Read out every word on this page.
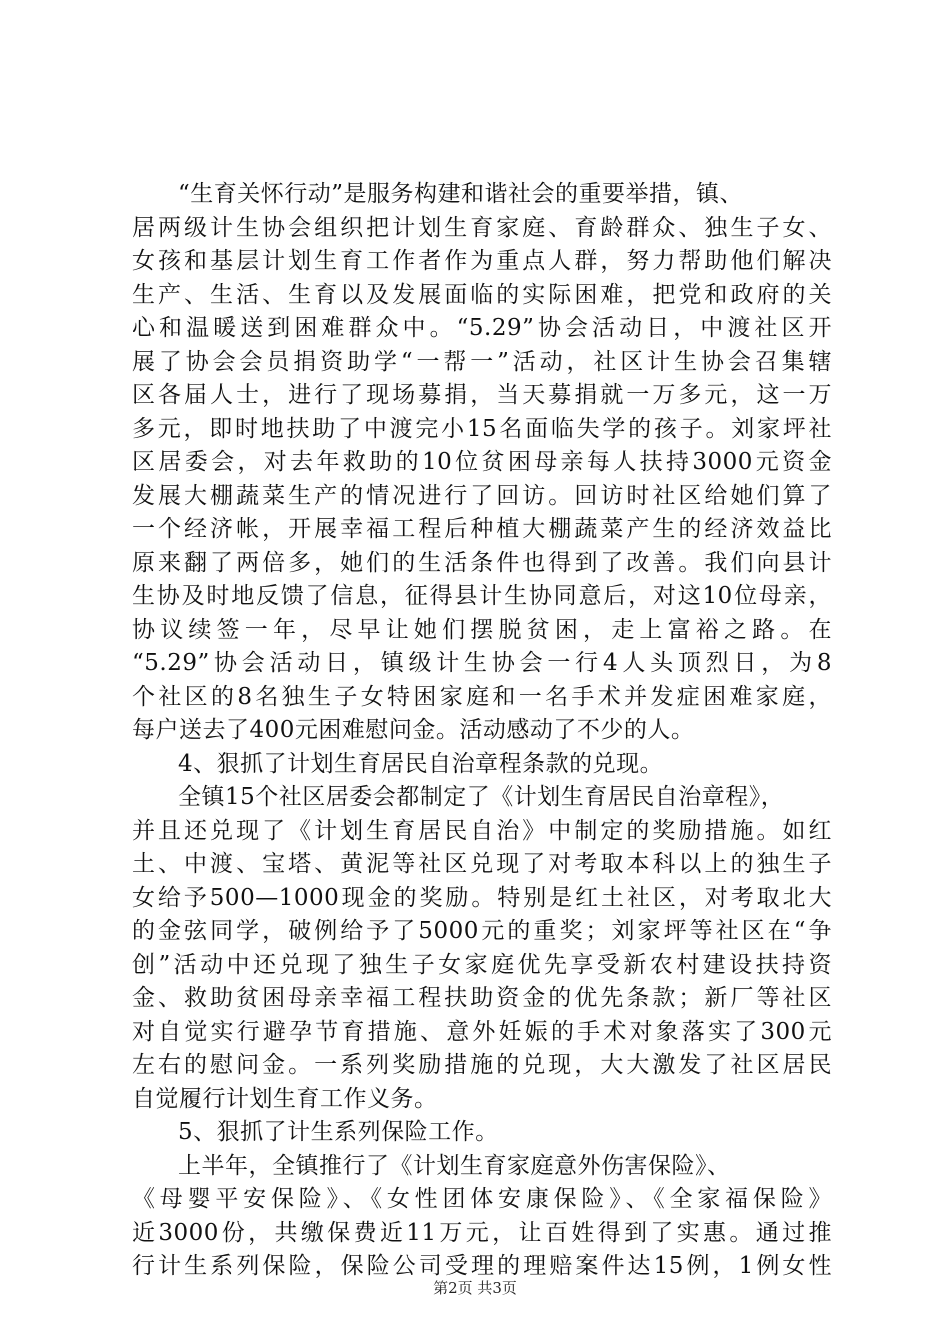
“生育关怀行动”是服务构建和谐社会的重要举措，镇、
居两级计生协会组织把计划生育家庭、育龄群众、独生子女、
女孩和基层计划生育工作者作为重点人群，努力帮助他们解决
生产、生活、生育以及发展面临的实际困难，把党和政府的关
心和温暖送到困难群众中。“5.29”协会活动日，中渡社区开
展了协会会员捐资助学“一帮一”活动，社区计生协会召集辖
区各届人士，进行了现场募捐，当天募捐就一万多元，这一万
多元，即时地扶助了中渡完小15名面临失学的孩子。刘家坪社
区居委会，对去年救助的10位贫困母亲每人扶持3000元资金
发展大棚蔬菜生产的情况进行了回访。回访时社区给她们算了
一个经济帐，开展幸福工程后种植大棚蔬菜产生的经济效益比
原来翻了两倍多，她们的生活条件也得到了改善。我们向县计
生协及时地反馈了信息，征得县计生协同意后，对这10位母亲，
协议续签一年，尽早让她们摆脱贫困，走上富裕之路。在
“5.29”协会活动日，镇级计生协会一行4人头顶烈日，为8
个社区的8名独生子女特困家庭和一名手术并发症困难家庭，
每户送去了400元困难慰问金。活动感动了不少的人。
4、狠抓了计划生育居民自治章程条款的兑现。
全镇15个社区居委会都制定了《计划生育居民自治章程》，
并且还兑现了《计划生育居民自治》中制定的奖励措施。如红
土、中渡、宝塔、黄泥等社区兑现了对考取本科以上的独生子
女给予500—1000现金的奖励。特别是红土社区，对考取北大
的金弦同学，破例给予了5000元的重奖；刘家坪等社区在“争
创”活动中还兑现了独生子女家庭优先享受新农村建设扶持资
金、救助贫困母亲幸福工程扶助资金的优先条款；新厂等社区
对自觉实行避孕节育措施、意外妊娠的手术对象落实了300元
左右的慰问金。一系列奖励措施的兑现，大大激发了社区居民
自觉履行计划生育工作义务。
5、狠抓了计生系列保险工作。
上半年，全镇推行了《计划生育家庭意外伤害保险》、
《母婴平安保险》、《女性团体安康保险》、《全家福保险》
近3000份，共缴保费近11万元，让百姓得到了实惠。通过推
行计生系列保险，保险公司受理的理赔案件达15例，1例女性
第2页 共3页
